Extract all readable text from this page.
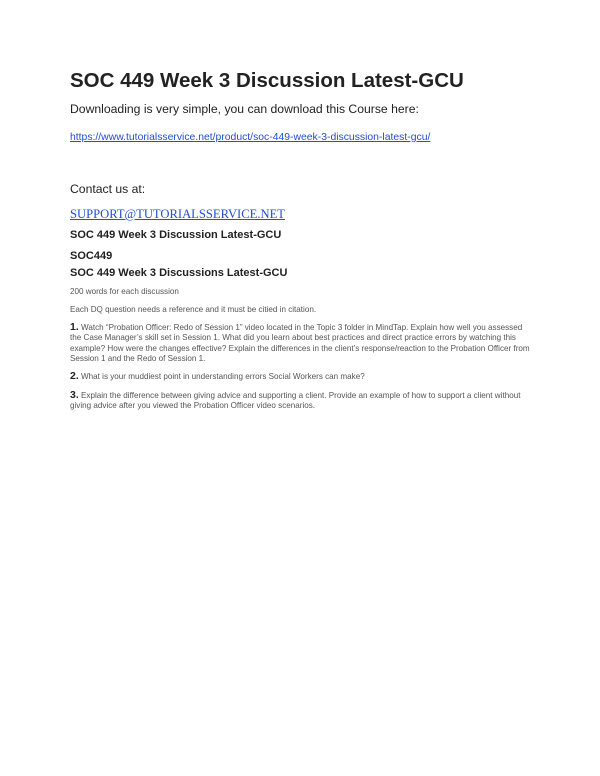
SOC 449 Week 3 Discussion Latest-GCU
Downloading is very simple, you can download this Course here:
https://www.tutorialsservice.net/product/soc-449-week-3-discussion-latest-gcu/
Contact us at:
SUPPORT@TUTORIALSSERVICE.NET
SOC 449 Week 3 Discussion Latest-GCU
SOC449
SOC 449 Week 3 Discussions Latest-GCU
200 words for each discussion
Each DQ question needs a reference and it must be citied in citation.
1. Watch “Probation Officer: Redo of Session 1” video located in the Topic 3 folder in MindTap. Explain how well you assessed the Case Manager’s skill set in Session 1. What did you learn about best practices and direct practice errors by watching this example? How were the changes effective? Explain the differences in the client’s response/reaction to the Probation Officer from Session 1 and the Redo of Session 1.
2. What is your muddiest point in understanding errors Social Workers can make?
3. Explain the difference between giving advice and supporting a client. Provide an example of how to support a client without giving advice after you viewed the Probation Officer video scenarios.
